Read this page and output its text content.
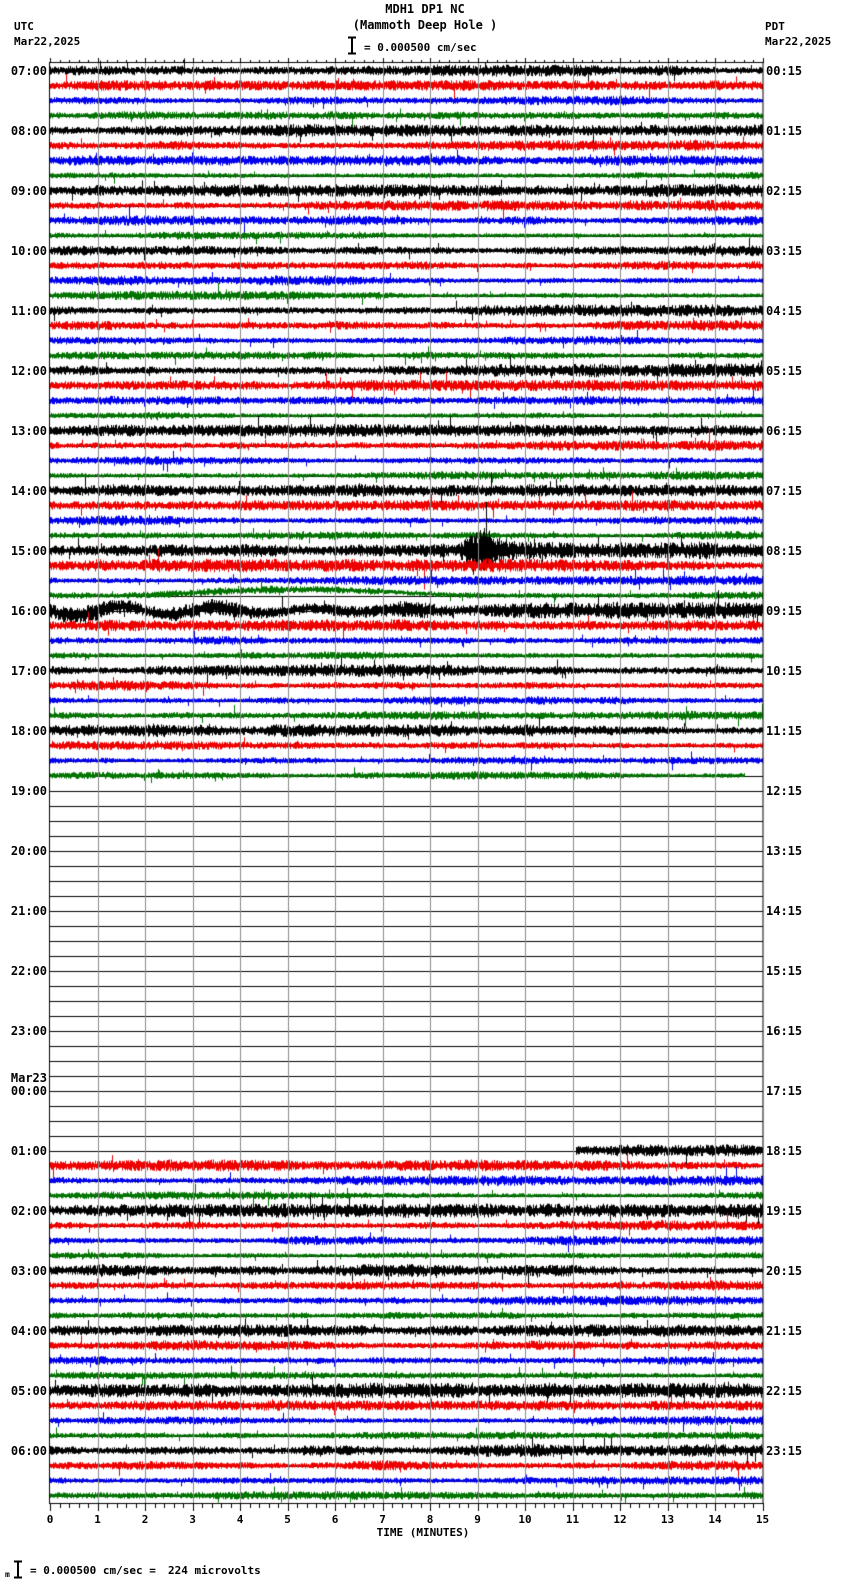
07:00
08:00
09:00
10:00
11:00
12:00
13:00
14:00
15:00
16:00
17:00
18:00
19:00
20:00
21:00
22:00
23:00
Mar23
00:00
01:00
02:00
03:00
04:00
05:00
06:00
00:15
01:15
02:15
03:15
04:15
05:15
06:15
07:15
08:15
09:15
10:15
11:15
12:15
13:15
14:15
15:15
16:15
17:15
18:15
19:15
20:15
21:15
22:15
23:15
0	1	2	3	4	5	6	7	8	9	10	11	12	13	14	15
TIME (MINUTES)
m = 0.000500 cm/sec = 224 microvolts
